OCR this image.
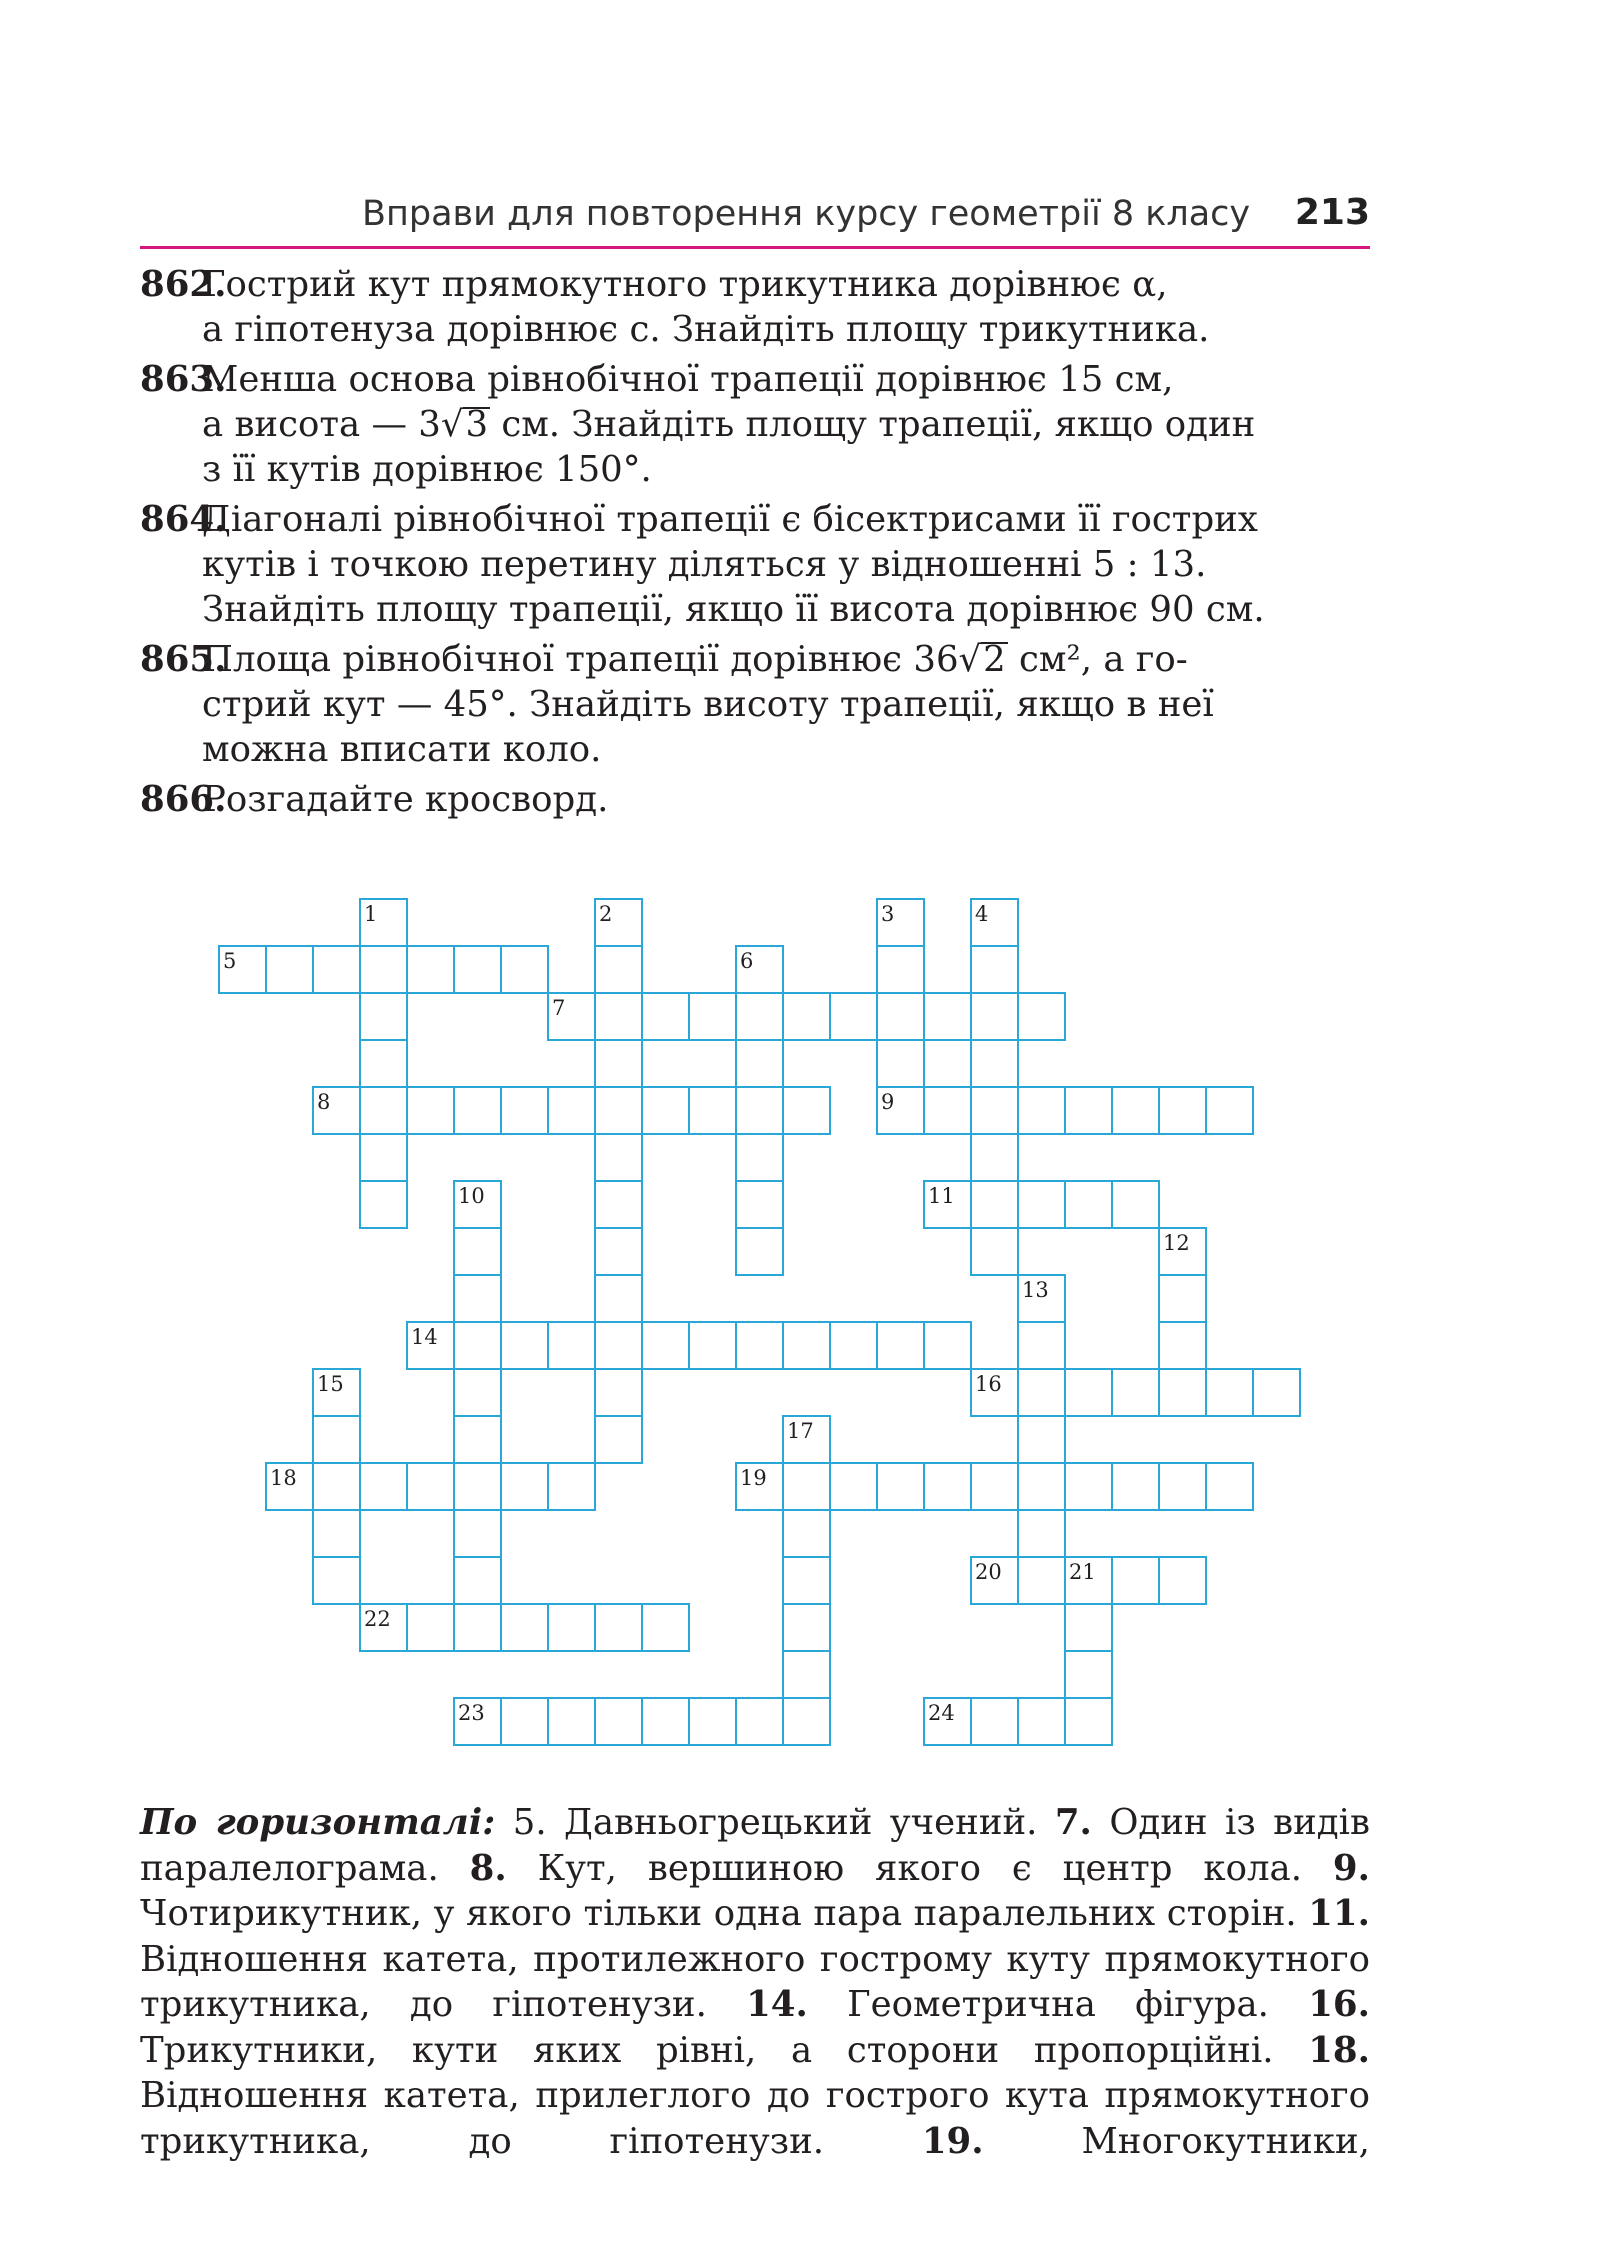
Вправи для повторення курсу геометрії 8 класу 213
862.
Гострий кут прямокутного трикутника дорівнює α,
а гіпотенуза дорівнює c. Знайдіть площу трикутника.
863.
Менша основа рівнобічної трапеції дорівнює 15 см,
а висота — 3√3 см. Знайдіть площу трапеції, якщо один
з її кутів дорівнює 150°.
864.
Діагоналі рівнобічної трапеції є бісектрисами її гострих
кутів і точкою перетину діляться у відношенні 5 : 13.
Знайдіть площу трапеції, якщо її висота дорівнює 90 см.
865.
Площа рівнобічної трапеції дорівнює 36√2 см², а го-
стрий кут — 45°. Знайдіть висоту трапеції, якщо в неї
можна вписати коло.
866.
Розгадайте кросворд.
1	2	3	4
5	6
7
8	9
10	11
12
13
14
15	16
17
18	19
20	21
22
23	24
По горизонталі: 5. Давньогрецький учений. 7. Один із видів паралелограма. 8. Кут, вершиною якого є центр кола. 9. Чотирикутник, у якого тільки одна пара паралельних сторін. 11. Відношення катета, протилежного гострому куту прямокутного трикутника, до гіпотенузи. 14. Геометрична фігура. 16. Трикутники, кути яких рівні, а сторони пропорційні. 18. Відношення катета, прилеглого до гострого кута прямокутного трикутника, до гіпотенузи.	19.	Многокутники,
